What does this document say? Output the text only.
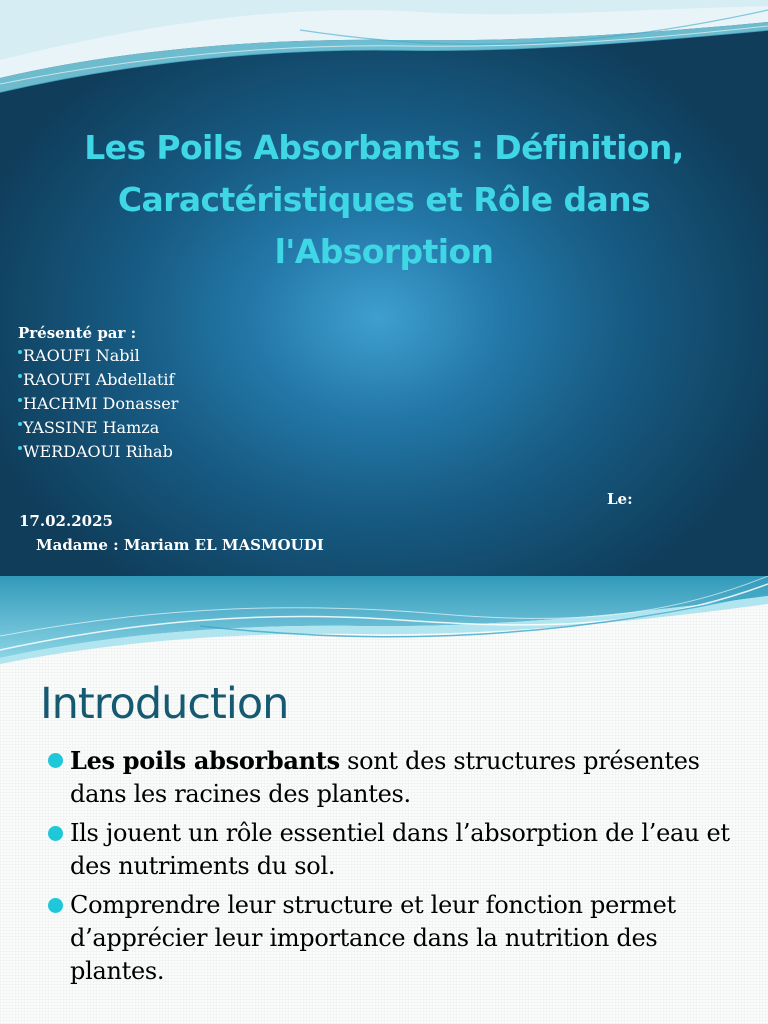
Les Poils Absorbants : Définition,
Caractéristiques et Rôle dans
l'Absorption
Présenté par :
RAOUFI Nabil
RAOUFI Abdellatif
HACHMI Donasser
YASSINE Hamza
WERDAOUI Rihab
Le:
17.02.2025
Madame : Mariam EL MASMOUDI
Introduction
Les poils absorbants sont des structures présentes dans les racines des plantes.
Ils jouent un rôle essentiel dans l’absorption de l’eau et des nutriments du sol.
Comprendre leur structure et leur fonction permet d’apprécier leur importance dans la nutrition des plantes.
